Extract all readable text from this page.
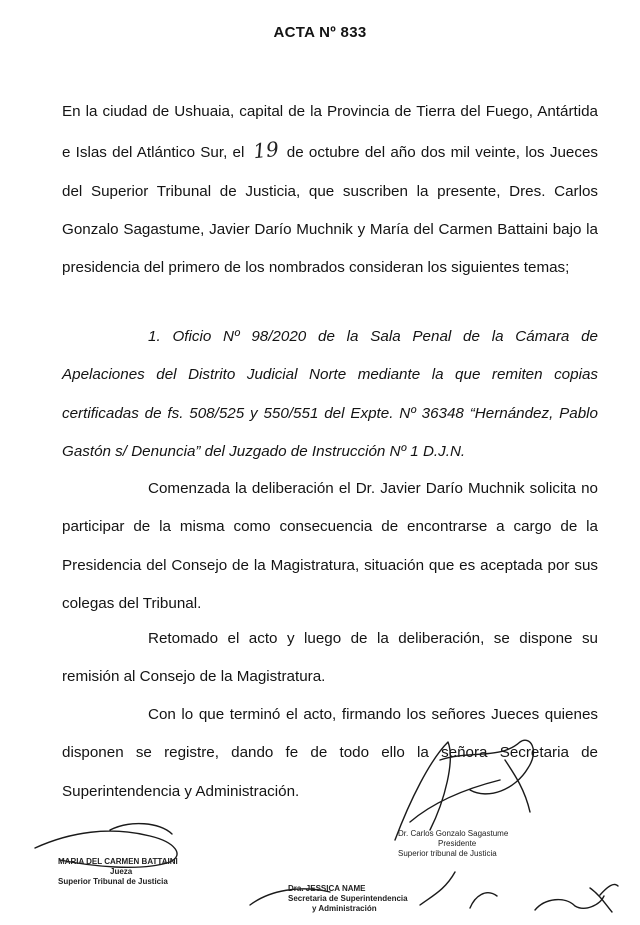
ACTA Nº 833

En la ciudad de Ushuaia, capital de la Provincia de Tierra del Fuego, Antártida e Islas del Atlántico Sur, el 19 de octubre del año dos mil veinte, los Jueces del Superior Tribunal de Justicia, que suscriben la presente, Dres. Carlos Gonzalo Sagastume, Javier Darío Muchnik y María del Carmen Battaini bajo la presidencia del primero de los nombrados consideran los siguientes temas;

1. Oficio Nº 98/2020 de la Sala Penal de la Cámara de Apelaciones del Distrito Judicial Norte mediante la que remiten copias certificadas de fs. 508/525 y 550/551 del Expte. Nº 36348 “Hernández, Pablo Gastón s/ Denuncia” del Juzgado de Instrucción Nº 1 D.J.N.

Comenzada la deliberación el Dr. Javier Darío Muchnik solicita no participar de la misma como consecuencia de encontrarse a cargo de la Presidencia del Consejo de la Magistratura, situación que es aceptada por sus colegas del Tribunal.

Retomado el acto y luego de la deliberación, se dispone su remisión al Consejo de la Magistratura.

Con lo que terminó el acto, firmando los señores Jueces quienes disponen se registre, dando fe de todo ello la señora Secretaria de Superintendencia y Administración.

MARIA DEL CARMEN BATTAINI
Jueza
Superior Tribunal de Justicia
Dr. Carlos Gonzalo Sagastume
Presidente
Superior tribunal de Justicia
Dra. JESSICA NAME
Secretaria de Superintendencia
y Administración
